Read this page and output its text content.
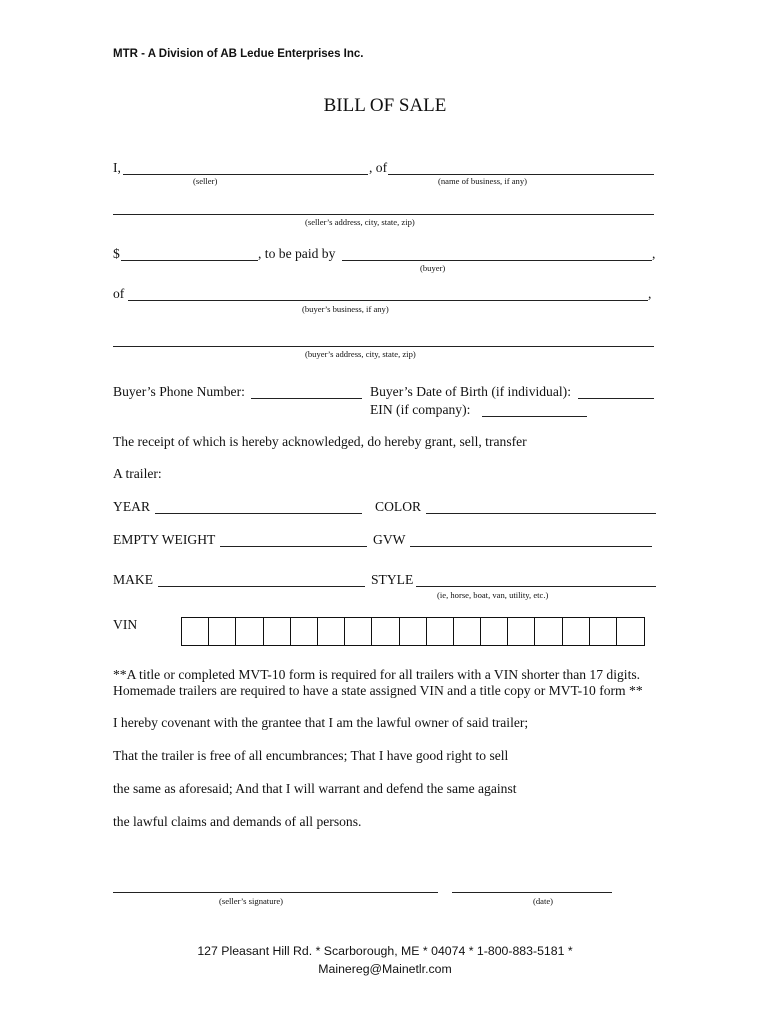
MTR - A Division of AB Ledue Enterprises Inc.
BILL OF SALE
I,	, of
(seller)	(name of business, if any)
(seller’s address, city, state, zip)
$	, to be paid by	,
(buyer)
of	,
(buyer’s business, if any)
(buyer’s address, city, state, zip)
Buyer’s Phone Number:	Buyer’s Date of Birth (if individual):
EIN (if company):
The receipt of which is hereby acknowledged, do hereby grant, sell, transfer
A trailer:
YEAR	COLOR
EMPTY WEIGHT	GVW
MAKE	STYLE
(ie, horse, boat, van, utility, etc.)
VIN
**A title or completed MVT-10 form is required for all trailers with a VIN shorter than 17 digits.
Homemade trailers are required to have a state assigned VIN and a title copy or MVT-10 form **
I hereby covenant with the grantee that I am the lawful owner of said trailer;
That the trailer is free of all encumbrances; That I have good right to sell
the same as aforesaid; And that I will warrant and defend the same against
the lawful claims and demands of all persons.
(seller’s signature)	(date)
127 Pleasant Hill Rd. * Scarborough, ME * 04074 * 1-800-883-5181 *
Mainereg@Mainetlr.com
